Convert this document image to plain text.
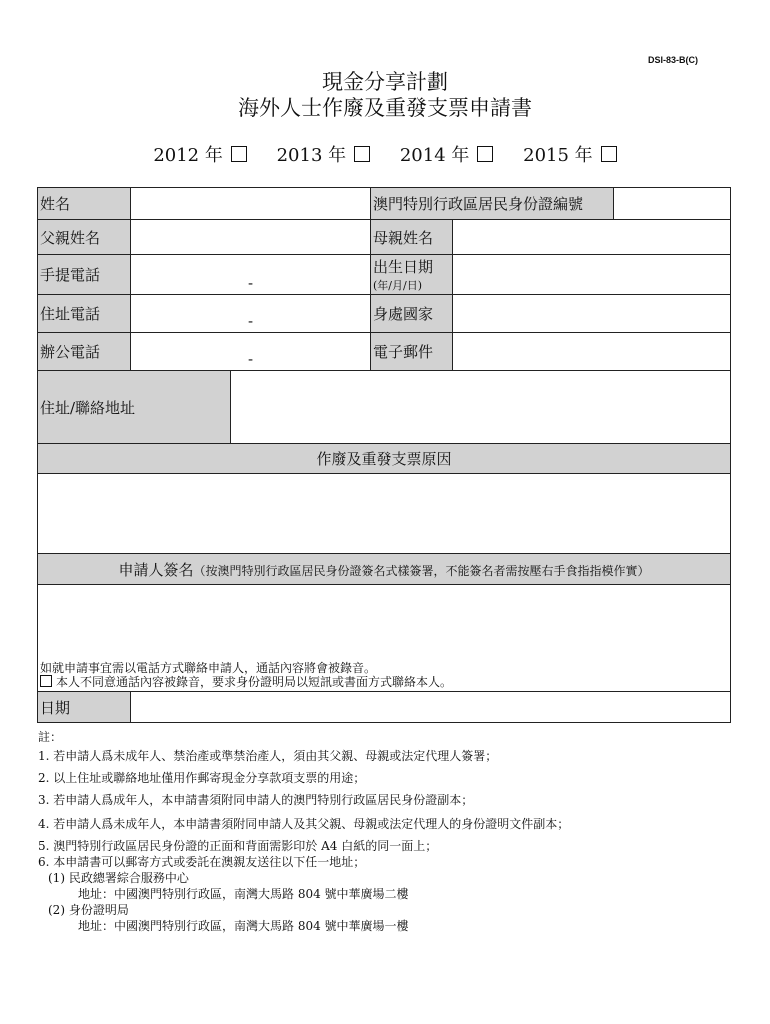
DSI-83-B(C)
現金分享計劃
海外人士作廢及重發支票申請書
2012 年	2013 年	2014 年	2015 年
姓名			澳門特別行政區居民身份證編號		
父親姓名			母親姓名		
手提電話	-		出生日期
(年/月/日)		

住址電話	-		身處國家		
辦公電話	-		電子郵件		
住址/聯絡地址					
作廢及重發支票原因					

申請人簽名（按澳門特別行政區居民身份證簽名式樣簽署，不能簽名者需按壓右手食指指模作實）					

如就申請事宜需以電話方式聯絡申請人，通話內容將會被錄音。
本人不同意通話內容被錄音，要求身份證明局以短訊或書面方式聯絡本人。					

日期					
註：
1. 若申請人爲未成年人、禁治產或準禁治產人，須由其父親、母親或法定代理人簽署；
2. 以上住址或聯絡地址僅用作郵寄現金分享款項支票的用途；
3. 若申請人爲成年人，本申請書須附同申請人的澳門特別行政區居民身份證副本；
4. 若申請人爲未成年人，本申請書須附同申請人及其父親、母親或法定代理人的身份證明文件副本；
5. 澳門特別行政區居民身份證的正面和背面需影印於 A4 白紙的同一面上；
6. 本申請書可以郵寄方式或委託在澳親友送往以下任一地址；
(1) 民政總署綜合服務中心
地址：中國澳門特別行政區，南灣大馬路 804 號中華廣場二樓
(2) 身份證明局
地址：中國澳門特別行政區，南灣大馬路 804 號中華廣場一樓
